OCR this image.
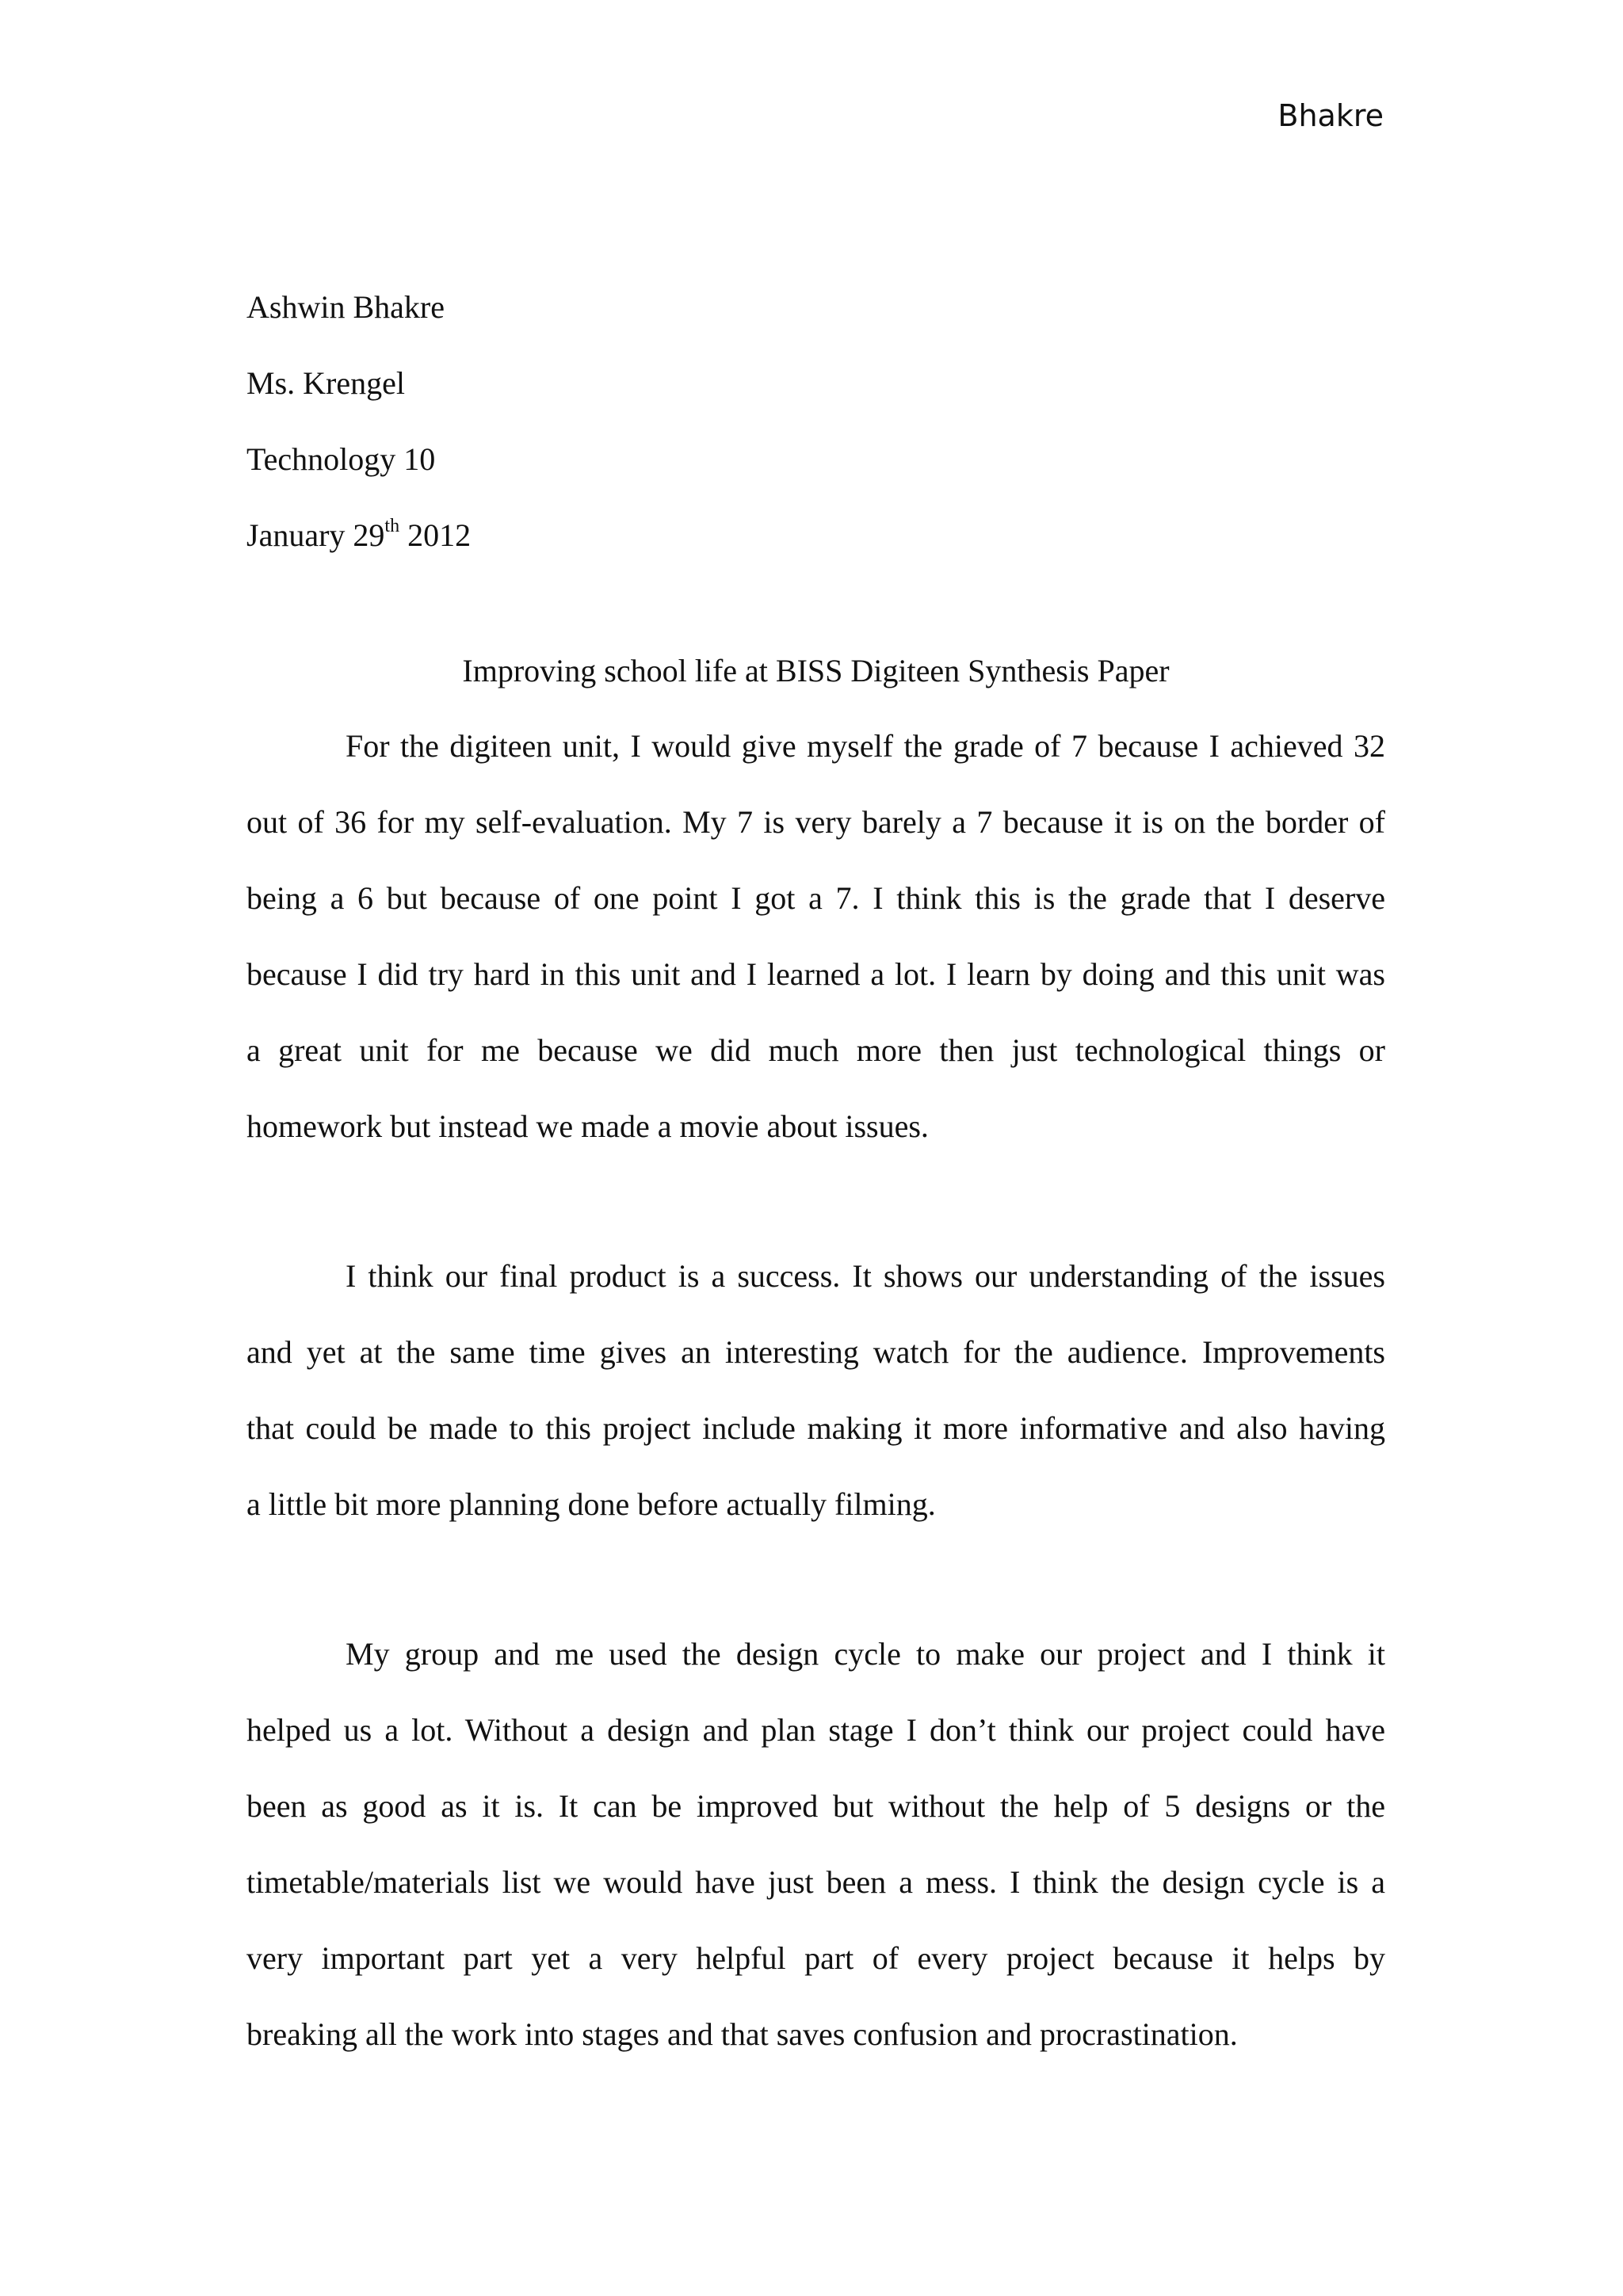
Bhakre
Ashwin Bhakre
Ms. Krengel
Technology 10
January 29th 2012
Improving school life at BISS Digiteen Synthesis Paper
For the digiteen unit, I would give myself the grade of 7 because I achieved 32
out of 36 for my self-evaluation. My 7 is very barely a 7 because it is on the border of
being a 6 but because of one point I got a 7. I think this is the grade that I deserve
because I did try hard in this unit and I learned a lot. I learn by doing and this unit was
a great unit for me because we did much more then just technological things or
homework but instead we made a movie about issues.
I think our final product is a success. It shows our understanding of the issues
and yet at the same time gives an interesting watch for the audience. Improvements
that could be made to this project include making it more informative and also having
a little bit more planning done before actually filming.
My group and me used the design cycle to make our project and I think it
helped us a lot. Without a design and plan stage I don’t think our project could have
been as good as it is. It can be improved but without the help of 5 designs or the
timetable/materials list we would have just been a mess. I think the design cycle is a
very important part yet a very helpful part of every project because it helps by
breaking all the work into stages and that saves confusion and procrastination.
